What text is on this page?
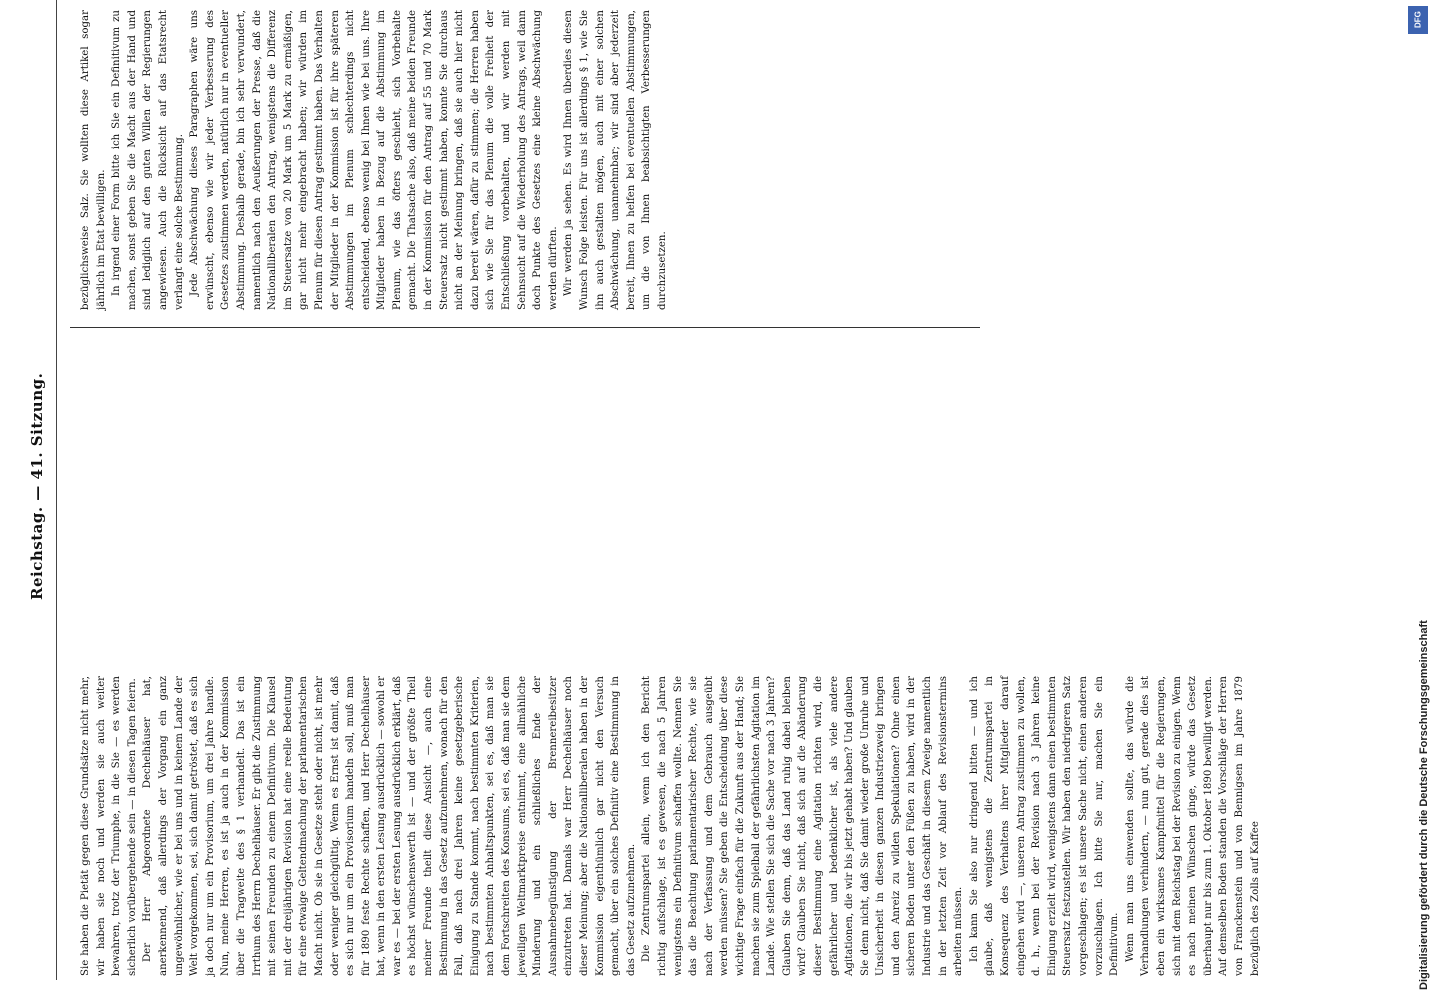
Reichstag. — 41. Sitzung.

Sie haben die Pietät gegen diese Grundsätze nicht mehr, wir haben sie noch und werden sie auch weiter bewahren, trotz der Triumphe, in die Sie — es werden sicherlich vorübergehende sein — in diesen Tagen feiern. Der Herr Abgeordnete Dechelhäuser hat, anerkennend, daß allerdings der Vorgang ein ganz ungewöhnlicher, wie er bei uns und in keinem Lande der Welt vorgekommen, sei, sich damit getröstet, daß es sich ja doch nur um ein Provisorium, um drei Jahre handle. Nun, meine Herren, es ist ja auch in der Kommission über die Tragweite des § 1 verhandelt. Das ist ein Irrthum des Herrn Dechelhäuser. Er gibt die Zustimmung mit seinen Freunden zu einem Definitivum. Die Klausel mit der dreijährigen Revision hat eine reelle Bedeutung für eine etwaige Geltendmachung der parlamentarischen Macht nicht. Ob sie in Gesetze steht oder nicht, ist mehr oder weniger gleichgültig. Wenn es Ernst ist damit, daß es sich nur um ein Provisorium handeln soll, muß man für 1890 feste Rechte schaffen, und Herr Dechelhäuser hat, wenn in den ersten Lesung ausdrücklich — sowohl er war es — bei der ersten Lesung ausdrücklich erklärt, daß es höchst wünschenswerth ist — und der größte Theil meiner Freunde theilt diese Ansicht —, auch eine Bestimmung in das Gesetz aufzunehmen, wonach für den Fall, daß nach drei Jahren keine gesetzgeberische Einigung zu Stande kommt, nach bestimmten Kriterien, nach bestimmten Anhaltspunkten, sei es, daß man sie dem Fortschreiten des Konsums, sei es, daß man sie dem jeweiligen Weltmarktpreise entnimmt, eine allmähliche Minderung und ein schließliches Ende der Ausnahmebegünstigung der Brennereibesitzer einzutreten hat. Damals war Herr Dechelhäuser noch dieser Meinung; aber die Nationalliberalen haben in der Kommission eigenthümlich gar nicht den Versuch gemacht, über ein solches Definitiv eine Bestimmung in das Gesetz aufzunehmen. Die Zentrumspartei allein, wenn ich den Bericht richtig aufschlage, ist es gewesen, die nach 5 Jahren wenigstens ein Definitivum schaffen wollte. Nennen Sie das die Beachtung parlamentarischer Rechte, wie sie nach der Verfassung und dem Gebrauch ausgeübt werden müssen? Sie geben die Entscheidung über diese wichtige Frage einfach für die Zukunft aus der Hand; Sie machen sie zum Spielball der gefährlichsten Agitation im Lande. Wie stellen Sie sich die Sache vor nach 3 Jahren? Glauben Sie denn, daß das Land ruhig dabei bleiben wird? Glauben Sie nicht, daß sich auf die Abänderung dieser Bestimmung eine Agitation richten wird, die gefährlicher und bedenklicher ist, als viele andere Agitationen, die wir bis jetzt gehabt haben? Und glauben Sie denn nicht, daß Sie damit wieder große Unruhe und Unsicherheit in diesen ganzen Industriezweig bringen und den Anreiz zu wilden Spekulationen? Ohne einen sicheren Boden unter den Füßen zu haben, wird in der Industrie und das Geschäft in diesem Zweige namentlich in der letzten Zeit vor Ablauf des Revisionstermins arbeiten müssen. Ich kann Sie also nur dringend bitten — und ich glaube, daß wenigstens die Zentrumspartei in Konsequenz des Verhaltens ihrer Mitglieder darauf eingehen wird —, unseren Antrag zustimmen zu wollen, d. h., wenn bei der Revision nach 3 Jahren keine Einigung erzielt wird, wenigstens dann einen bestimmten Steuersatz festzustellen. Wir haben den niedrigeren Satz vorgeschlagen; es ist unsere Sache nicht, einen anderen vorzuschlagen. Ich bitte Sie nur, machen Sie ein Definitivum. Wenn man uns einwenden sollte, das würde die Verhandlungen verhindern, — nun gut, gerade dies ist eben ein wirksames Kampfmittel für die Regierungen, sich mit dem Reichstag bei der Revision zu einigen. Wenn es nach meinen Wünschen ginge, würde das Gesetz überhaupt nur bis zum 1. Oktober 1890 bewilligt werden. Auf demselben Boden standen die Vorschläge der Herren von Franckenstein und von Bennigsen im Jahre 1879 bezüglich des Zolls auf Kaffee

bezüglichsweise Salz. Sie wollten diese Artikel sogar jährlich im Etat bewilligen. In irgend einer Form bitte ich Sie ein Definitivum zu machen, sonst geben Sie die Macht aus der Hand und sind lediglich auf den guten Willen der Regierungen angewiesen. Auch die Rücksicht auf das Etatsrecht verlangt eine solche Bestimmung. Jede Abschwächung dieses Paragraphen wäre uns erwünscht, ebenso wie wir jeder Verbesserung des Gesetzes zustimmen werden, natürlich nur in eventueller Abstimmung. Deshalb gerade, bin ich sehr verwundert, namentlich nach den Aeußerungen der Presse, daß die Nationalliberalen den Antrag, wenigstens die Differenz im Steuersatze von 20 Mark um 5 Mark zu ermäßigen, gar nicht mehr eingebracht haben; wir würden im Plenum für diesen Antrag gestimmt haben. Das Verhalten der Mitglieder in der Kommission ist für ihre späteren Abstimmungen im Plenum schlechterdings nicht entscheidend, ebenso wenig bei Ihnen wie bei uns. Ihre Mitglieder haben in Bezug auf die Abstimmung im Plenum, wie das öfters geschieht, sich Vorbehalte gemacht. Die Thatsache also, daß meine beiden Freunde in der Kommission für den Antrag auf 55 und 70 Mark Steuersatz nicht gestimmt haben, konnte Sie durchaus nicht an der Meinung bringen, daß sie auch hier nicht dazu bereit wären, dafür zu stimmen; die Herren haben sich wie Sie für das Plenum die volle Freiheit der Entschließung vorbehalten, und wir werden mit Sehnsucht auf die Wiederholung des Antrags, weil dann doch Punkte des Gesetzes eine kleine Abschwächung werden dürften. Wir werden ja sehen. Es wird Ihnen überdies diesen Wunsch Folge leisten. Für uns ist allerdings § 1, wie Sie ihn auch gestalten mögen, auch mit einer solchen Abschwächung, unannehmbar; wir sind aber jederzeit bereit, Ihnen zu helfen bei eventuellen Abstimmungen, um die von Ihnen beabsichtigten Verbesserungen durchzusetzen.

DFG
Digitalisierung gefördert durch die Deutsche Forschungsgemeinschaft
